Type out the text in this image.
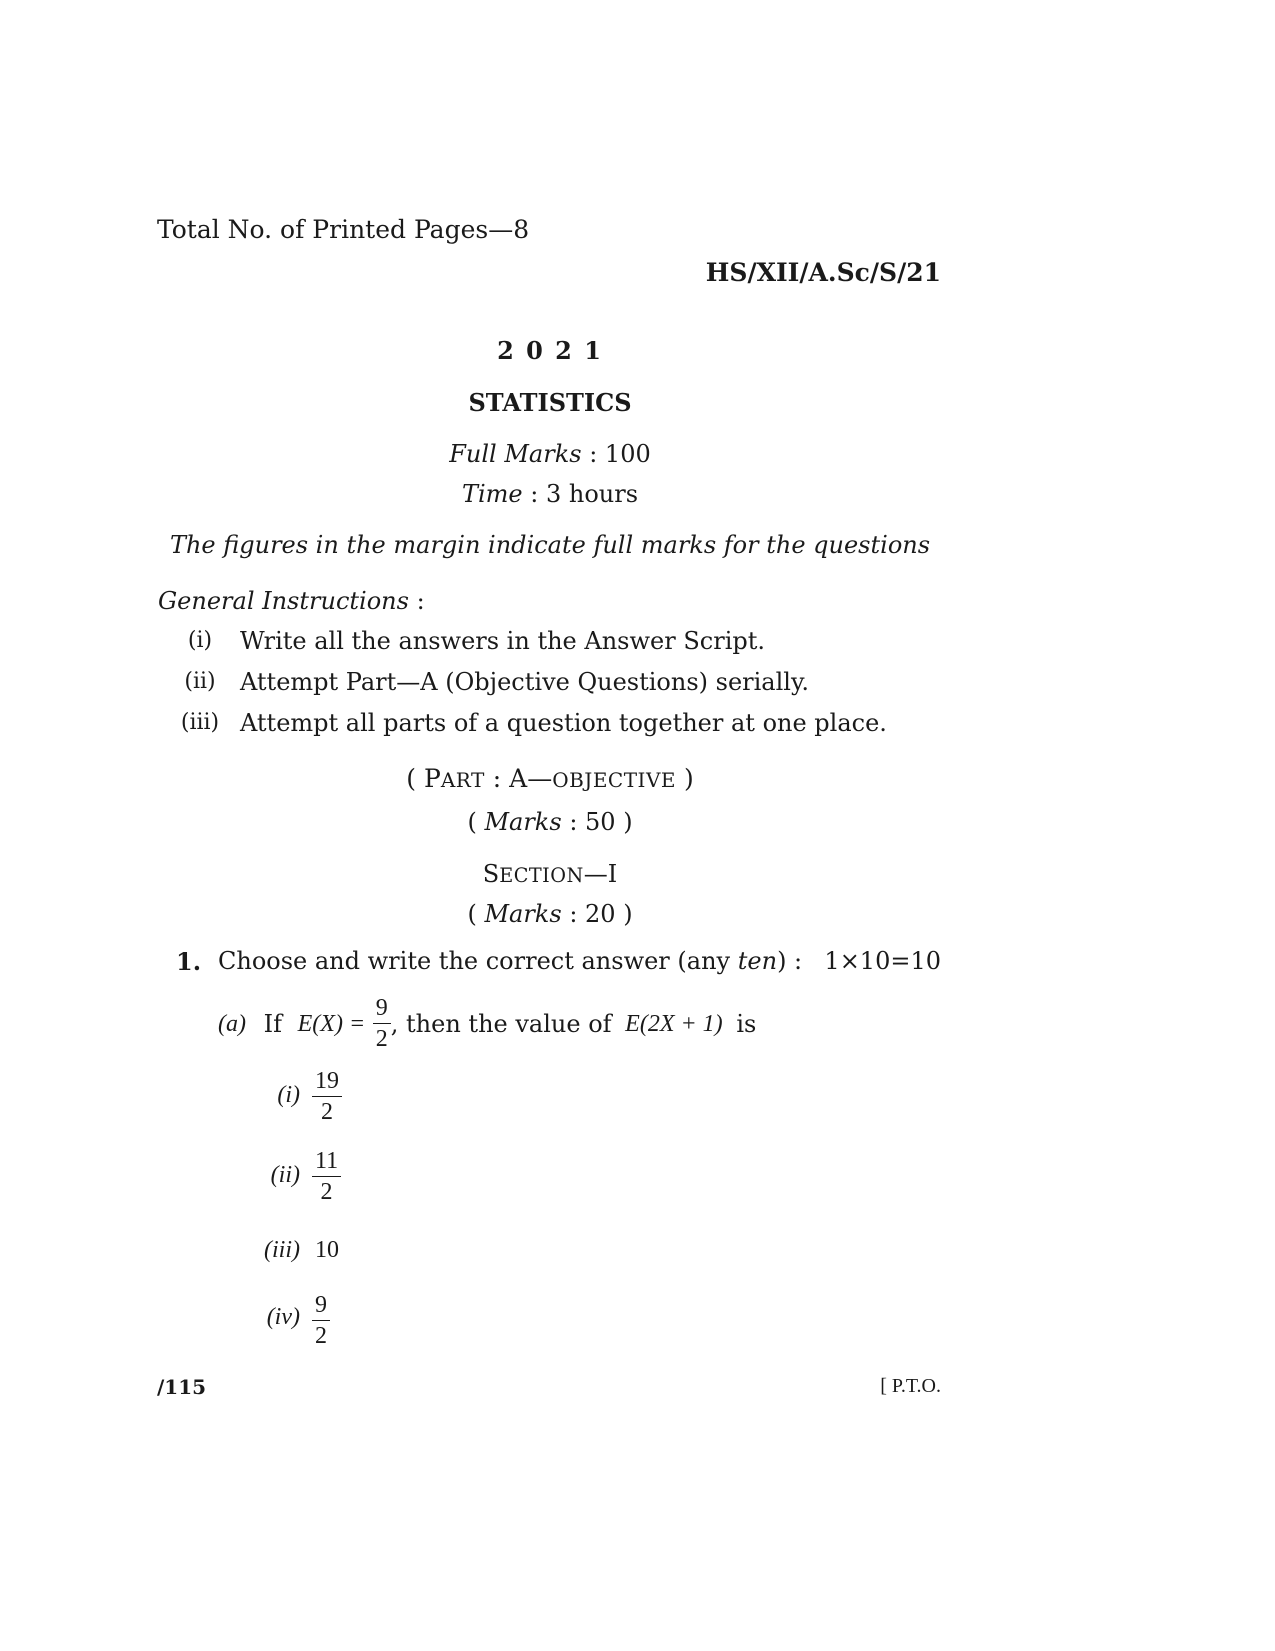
Total No. of Printed Pages—8
HS/XII/A.Sc/S/21
2 0 2 1
STATISTICS
Full Marks : 100
Time : 3 hours
The figures in the margin indicate full marks for the questions
General Instructions :
(i)	Write all the answers in the Answer Script.
(ii) Attempt Part—A (Objective Questions) serially.
(iii) Attempt all parts of a question together at one place.
( PART : A—OBJECTIVE )
( Marks : 50 )
SECTION—I
( Marks : 20 )
1. Choose and write the correct answer (any ten) : 1×10=10
(a) If $E(X) = \frac{9}{2}$ , then the value of E(2X + 1) is
$(i) \frac{19}{2}$
$(ii) \frac{11}{2}$
(iii) 10
$(iv) \frac{9}{2}$
/115	[ P.T.O.
